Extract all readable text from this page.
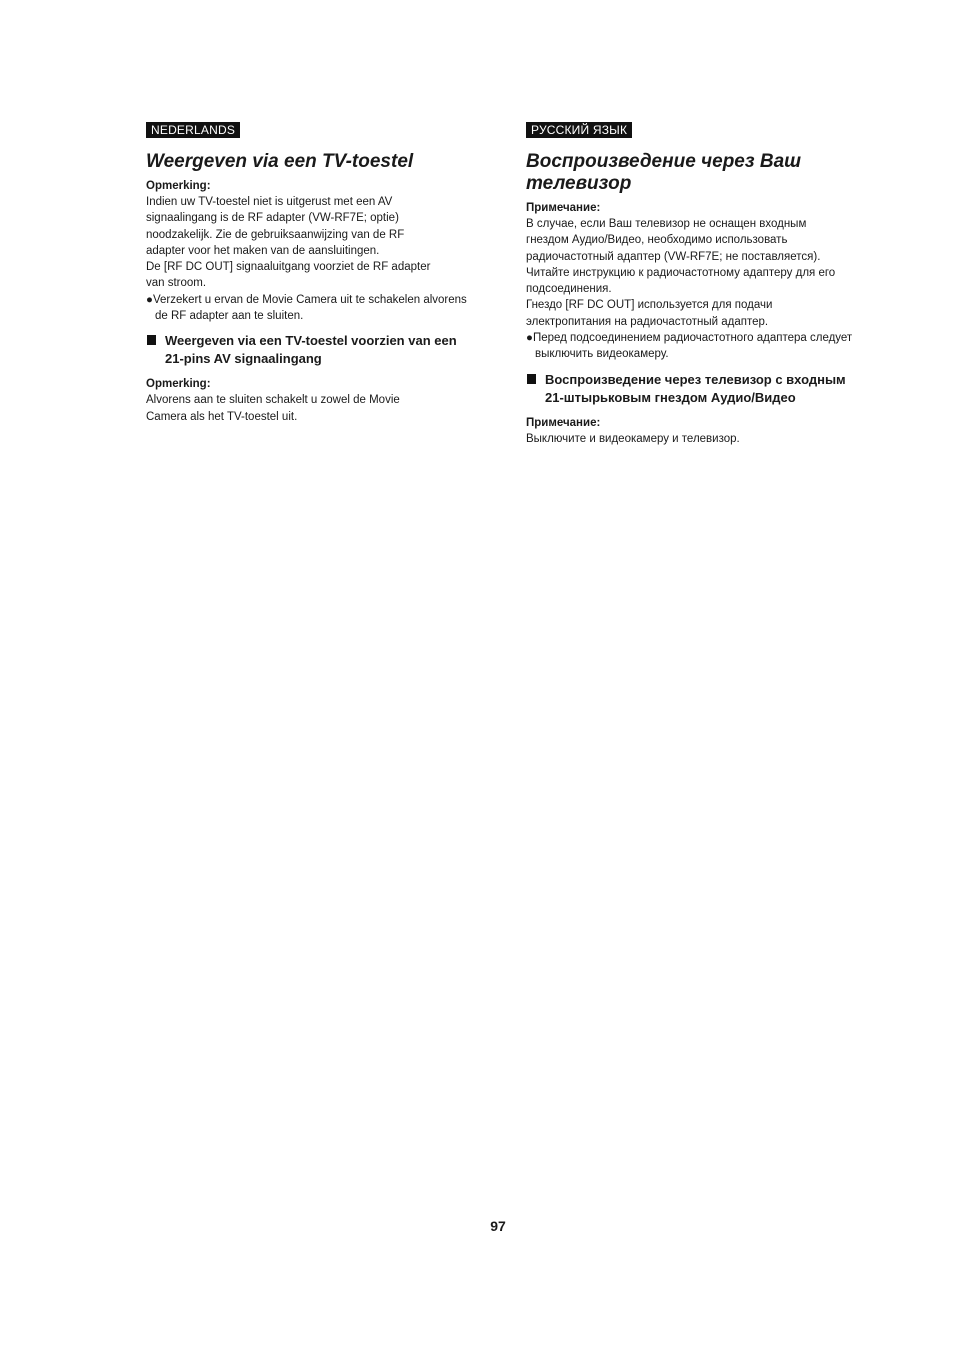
NEDERLANDS
Weergeven via een TV-toestel

Opmerking:

Indien uw TV-toestel niet is uitgerust met een AV

signaalingang is de RF adapter (VW-RF7E; optie)

noodzakelijk. Zie de gebruiksaanwijzing van de RF

adapter voor het maken van de aansluitingen.

De [RF DC OUT] signaaluitgang voorziet de RF adapter

van stroom.

●Verzekert u ervan de Movie Camera uit te schakelen alvorens de RF adapter aan te sluiten.

Weergeven via een TV-toestel voorzien van een 21-pins AV signaalingang

Opmerking:

Alvorens aan te sluiten schakelt u zowel de Movie Camera als het TV-toestel uit.

РУССКИЙ ЯЗЫК
Воспроизведение через Ваш телевизор

Примечание:

В случае, если Ваш телевизор не оснащен входным гнездом Аудио/Видео, необходимо использовать радиочастотный адаптер (VW-RF7E; не поставляется).

Читайте инструкцию к радиочастотному адаптеру для его подсоединения.

Гнездо [RF DC OUT] используется для подачи электропитания на радиочастотный адаптер.

●Перед подсоединением радиочастотного адаптера следует выключить видеокамеру.

Воспроизведение через телевизор с входным 21-штырьковым гнездом Аудио/Видео

Примечание:

Выключите и видеокамеру и телевизор.

97
